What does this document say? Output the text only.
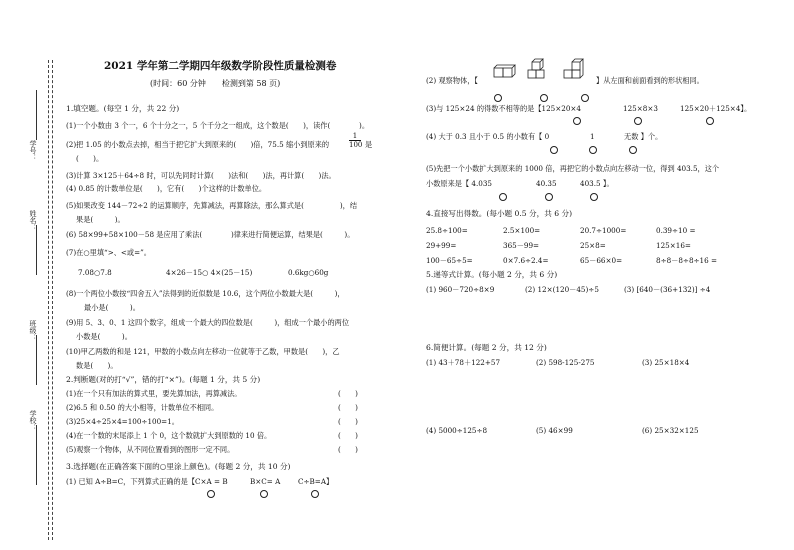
学号：
姓名：
班级：
学校：
2021 学年第二学期四年级数学阶段性质量检测卷
(时间：60 分钟　　检测到第 58 页)
1.填空题。(每空 1 分，共 22 分)
(1)一个小数由 3 个一，6 个十分之一，5 个千分之一组成，这个数是(　　)，读作(　　　　)。
(2)把 1.05 的小数点去掉，相当于把它扩大到原来的(　　)倍，75.5 缩小到原来的	$\frac{1}{100}$ 是
(　　)。
(3)计算 3×125＋64÷8 时，可以先同时计算(　　)法和(　　)法，再计算(　　)法。
(4) 0.85 的计数单位是(　　)，它有(　　)个这样的计数单位。
(5)如果改变 144－72÷2 的运算顺序，先算减法，再算除法，那么算式是(　　　　　)，结
果是(　　　)。
(6) 58×99+58×100－58 是应用了乘法(　　　　)律来进行简便运算，结果是(　　　)。
(7)在○里填“>、<或=”。
7.08○7.8	4×26－15○ 4×(25－15)	0.6kg○60g
(8)一个两位小数按“四舍五入”法得到的近似数是 10.6，这个两位小数最大是(　　　)，
最小是(　　　)。
(9)用 5、3、0、1 这四个数字，组成一个最大的四位数是(　　　)，组成一个最小的两位
小数是(　　　)。
(10)甲乙两数的和是 121，甲数的小数点向左移动一位就等于乙数，甲数是(　　)，乙
数是(　　)。
2.判断题(对的打“√”，错的打“×”)。(每题 1 分，共 5 分)
(1)在一个只有加法的算式里，要先算加法，再算减法。	(　　)
(2)6.5 和 0.50 的大小相等，计数单位不相同。	(　　)
(3)25×4÷25×4=100÷100=1。	(　　)
(4)在一个数的末尾添上 1 个 0，这个数就扩大到原数的 10 倍。	(　　)
(5)观察一个物体，从不同位置看到的图形一定不同。	(　　)
3.选择题(在正确答案下面的○里涂上颜色)。(每题 2 分，共 10 分)
(1) 已知 A÷B=C，下列算式正确的是【C×A = B	B×C= A C÷B=A】
(2) 观察物体，【	】从左面和前面看到的形状相同。
(3)与 125×24 的得数不相等的是【125×20×4	125×8×3	125×20＋125×4】。
(4) 大于 0.3 且小于 0.5 的小数有【 0	1	无数 】个。
(5)先把一个小数扩大到原来的 1000 倍，再把它的小数点向左移动一位，得到 403.5，这个
小数原来是【 4.035	40.35	403.5 】。
4.直接写出得数。(每小题 0.5 分，共 6 分)
25.8÷100=	2.5×100=	20.7÷1000=	0.39÷10 =
29+99=	365－99=	25×8=	125×16=
100－65÷5=	0×7.6÷2.4=	65－66×0=	8÷8－8÷8÷16 =
5.递等式计算。(每小题 2 分，共 6 分)
(1) 960－720÷8×9	(2) 12×(120－45)÷5	(3) [640－(36+132)] ÷4
6.简便计算。(每题 2 分，共 12 分)
(1) 43＋78＋122+57	(2) 598-125-275	(3) 25×18×4
(4) 5000÷125÷8	(5) 46×99	(6) 25×32×125
